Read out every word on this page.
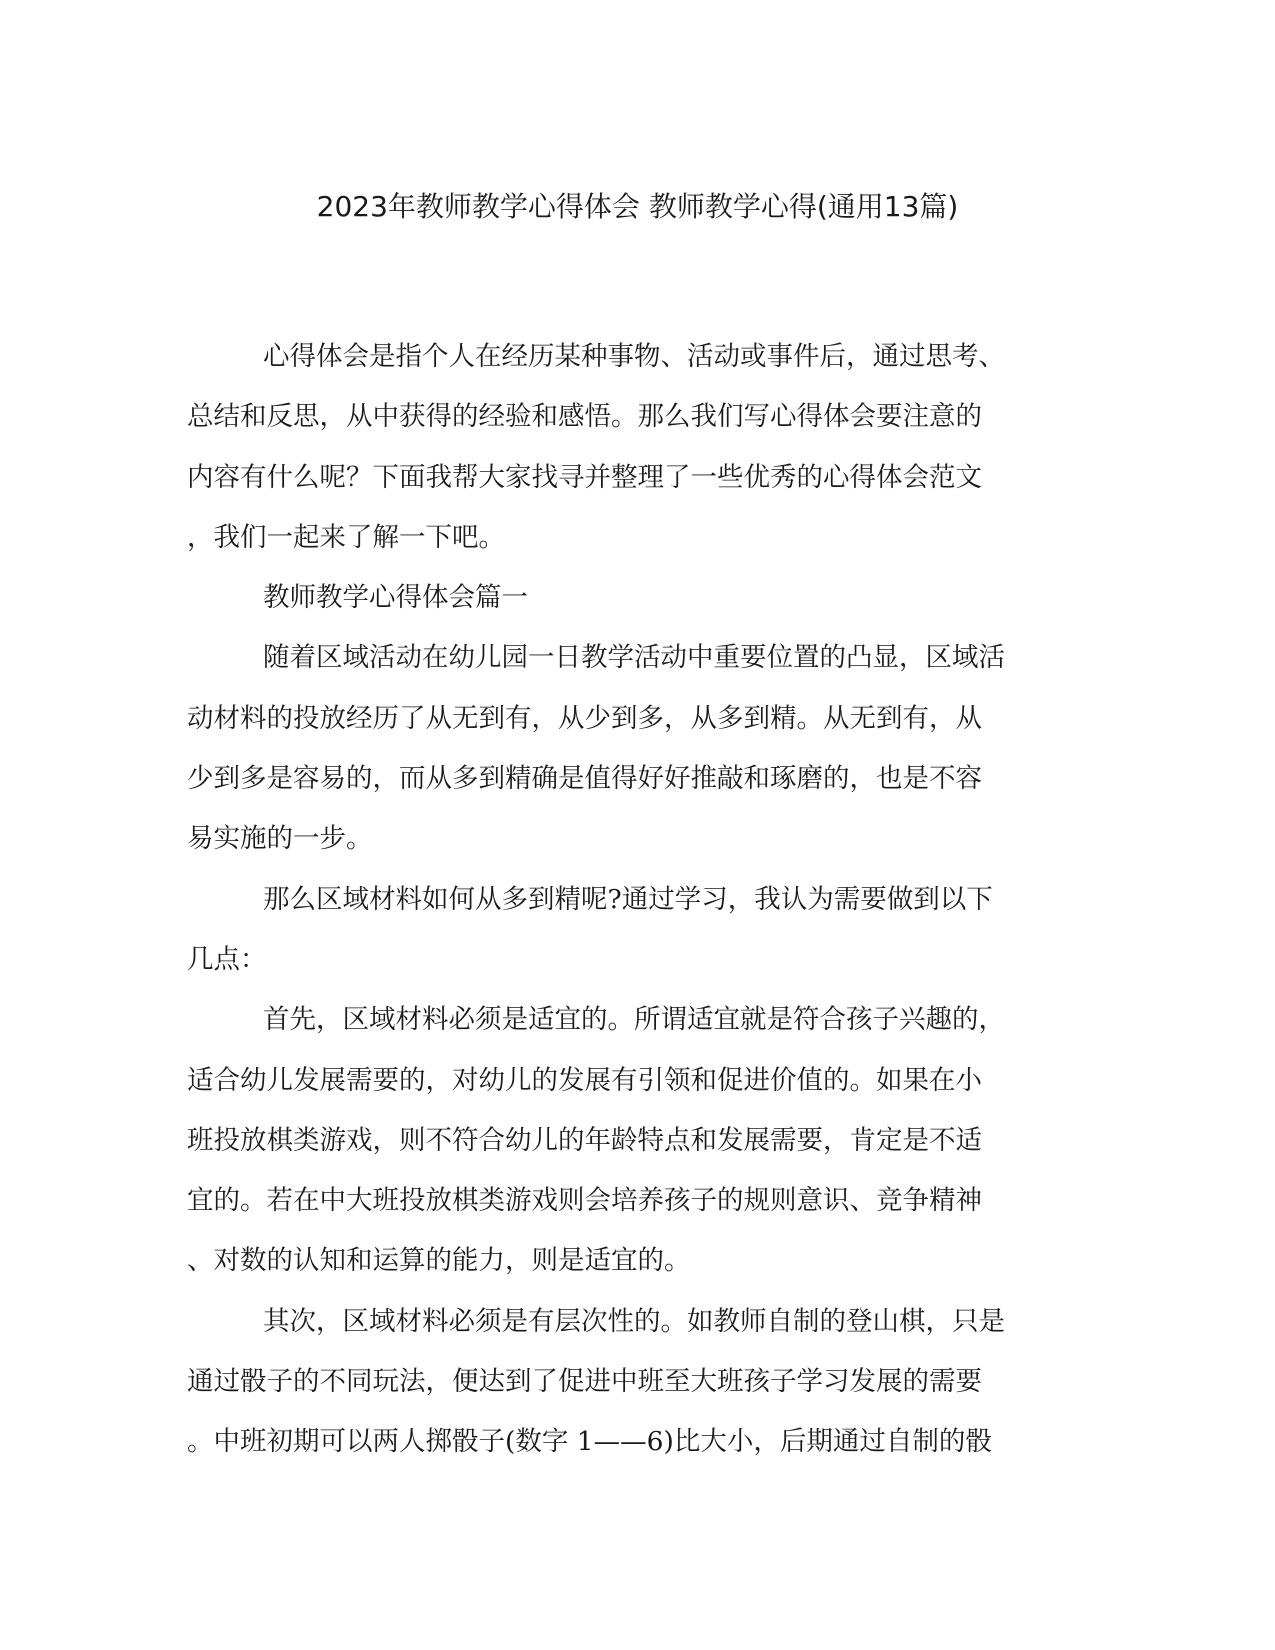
2023年教师教学心得体会 教师教学心得(通用13篇)
心得体会是指个人在经历某种事物、活动或事件后，通过思考、
总结和反思，从中获得的经验和感悟。那么我们写心得体会要注意的
内容有什么呢？下面我帮大家找寻并整理了一些优秀的心得体会范文
，我们一起来了解一下吧。
教师教学心得体会篇一
随着区域活动在幼儿园一日教学活动中重要位置的凸显，区域活
动材料的投放经历了从无到有，从少到多，从多到精。从无到有，从
少到多是容易的，而从多到精确是值得好好推敲和琢磨的，也是不容
易实施的一步。
那么区域材料如何从多到精呢?通过学习，我认为需要做到以下
几点：
首先，区域材料必须是适宜的。所谓适宜就是符合孩子兴趣的，
适合幼儿发展需要的，对幼儿的发展有引领和促进价值的。如果在小
班投放棋类游戏，则不符合幼儿的年龄特点和发展需要，肯定是不适
宜的。若在中大班投放棋类游戏则会培养孩子的规则意识、竞争精神
、对数的认知和运算的能力，则是适宜的。
其次，区域材料必须是有层次性的。如教师自制的登山棋，只是
通过骰子的不同玩法，便达到了促进中班至大班孩子学习发展的需要
。中班初期可以两人掷骰子(数字 1——6)比大小，后期通过自制的骰
